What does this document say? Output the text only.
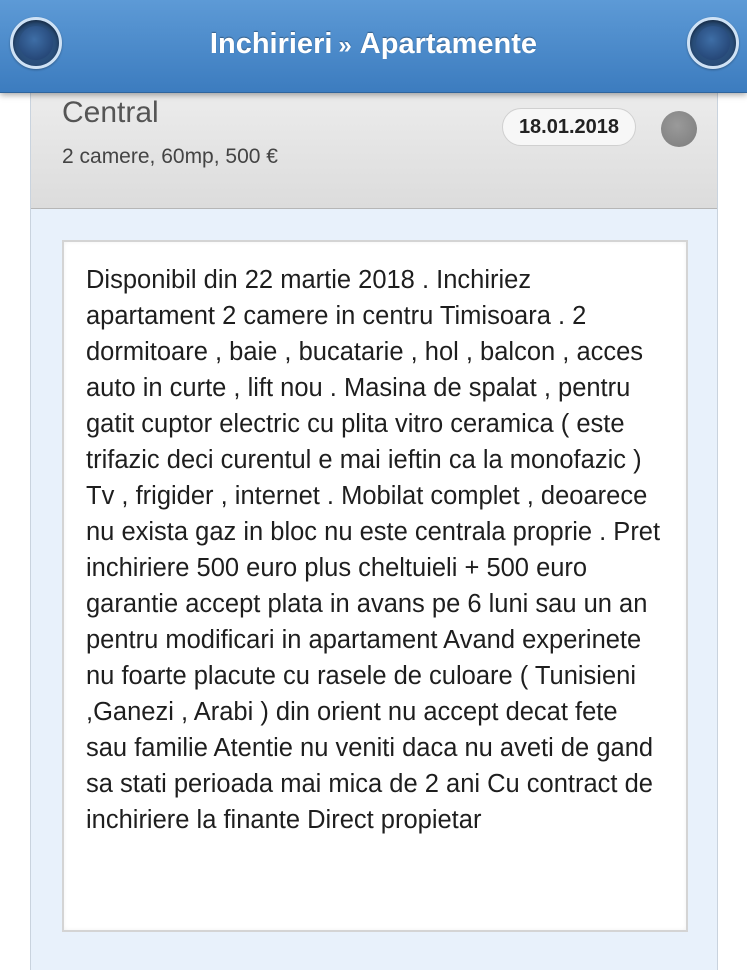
Inchirieri » Apartamente
Central
2 camere, 60mp, 500 €
18.01.2018
Disponibil din 22 martie 2018 . Inchiriez apartament 2 camere in centru Timisoara . 2 dormitoare , baie , bucatarie , hol , balcon , acces auto in curte , lift nou . Masina de spalat , pentru gatit cuptor electric cu plita vitro ceramica ( este trifazic deci curentul e mai ieftin ca la monofazic ) Tv , frigider , internet . Mobilat complet , deoarece nu exista gaz in bloc nu este centrala proprie . Pret inchiriere 500 euro plus cheltuieli + 500 euro garantie accept plata in avans pe 6 luni sau un an pentru modificari in apartament Avand experinete nu foarte placute cu rasele de culoare ( Tunisieni ,Ganezi , Arabi ) din orient nu accept decat fete sau familie Atentie nu veniti daca nu aveti de gand sa stati perioada mai mica de 2 ani Cu contract de inchiriere la finante Direct propietar
